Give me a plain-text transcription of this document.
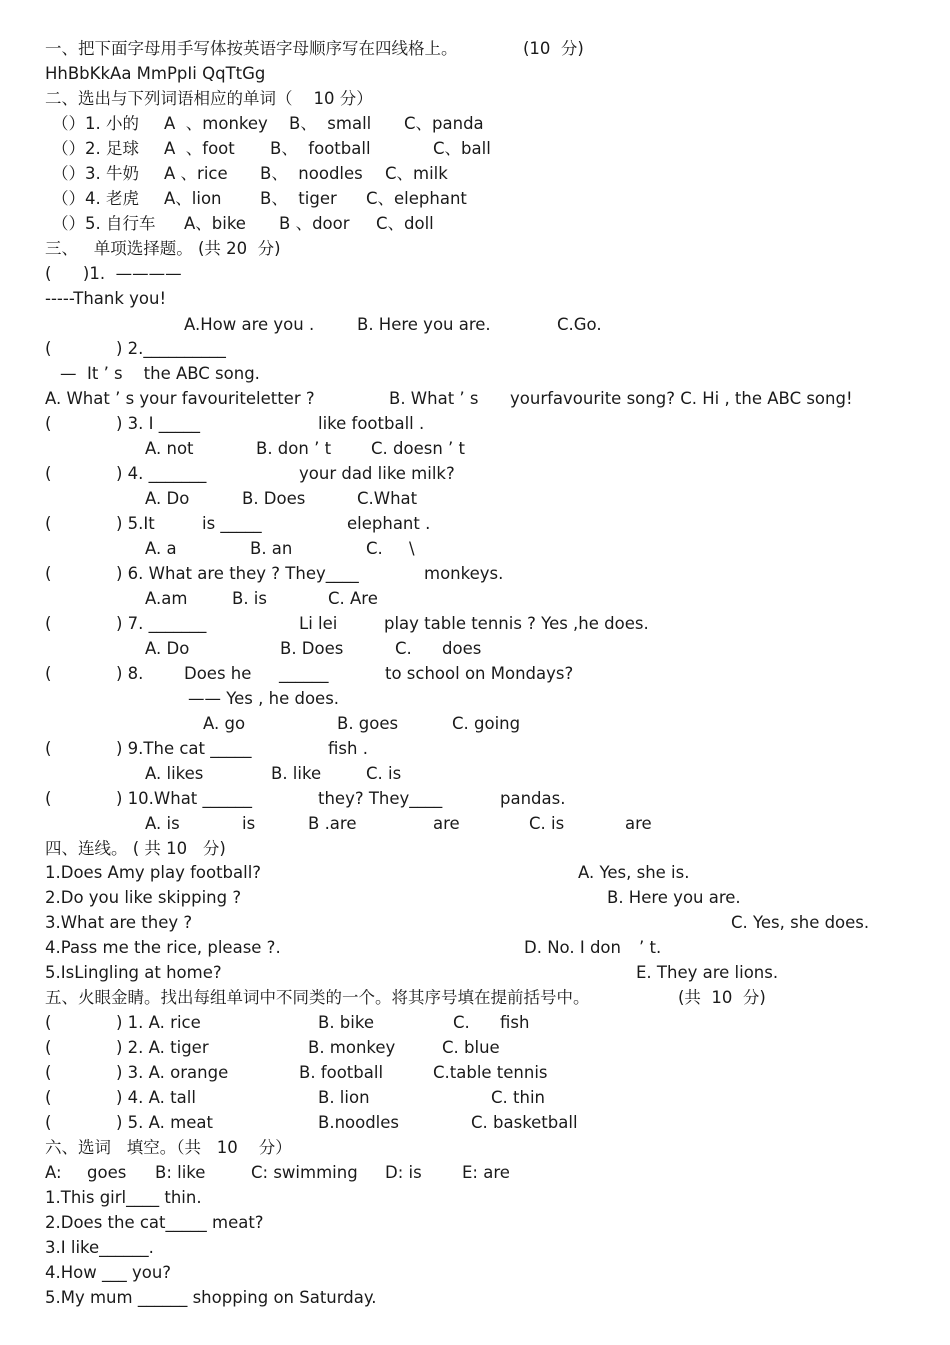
一、把下面字母用手写体按英语字母顺序写在四线格上。	(10  分)
HhBbKkAa MmPpIi QqTtGg
二、选出与下列词语相应的单词（    10 分）
（）1. 小的 A  、monkey B、  small C、panda
（）2. 足球 A  、foot B、  football	C、ball
（）3. 牛奶 A 、rice B、  noodles C、milk
（）4. 老虎 A、lion B、  tiger C、elephant
（）5. 自行车 A、bike B 、door C、doll
三、   单项选择题。 (共 20  分)
(      )1.  ————
-----Thank you!
A.How are you .	B. Here you are.	C.Go.
(	) 2.__________
—  It ’ s    the ABC song.
A. What ’ s your favouriteletter ?	B. What ’ s yourfavourite song? C. Hi , the ABC song!
(	) 3. I _____	like football .
A. not	B. don ’ t C. doesn ’ t
(	) 4. _______	your dad like milk?
A. Do	B. Does	C.What
(	) 5.It	is _____	elephant .
A. a	B. an	C.     \
(	) 6. What are they ? They____	monkeys.
A.am	B. is	C. Are
(	) 7. _______	Li lei	play table tennis ? Yes ,he does.
A. Do	B. Does	C. does
(	) 8. Does he ______	to school on Mondays?
—— Yes , he does.
A. go	B. goes	C. going
(	) 9.The cat _____	fish .
A. likes	B. like	C. is
(	) 10.What ______	they? They____	pandas.
A. is	is	B .are	are	C. is	are
四、连线。 ( 共 10   分)
1.Does Amy play football?	A. Yes, she is.
2.Do you like skipping ?	B. Here you are.
3.What are they ?	C. Yes, she does.
4.Pass me the rice, please ?.	D. No. I don ’ t.
5.IsLingling at home?	E. They are lions.
五、火眼金睛。找出每组单词中不同类的一个。将其序号填在提前括号中。	(共  10  分)
(	) 1. A. rice	B. bike	C. fish
(	) 2. A. tiger	B. monkey	C. blue
(	) 3. A. orange	B. football	C.table tennis
(	) 4. A. tall	B. lion	C. thin
(	) 5. A. meat	B.noodles	C. basketball
六、选词   填空。（共   10    分）
A: goes B: like	C: swimming D: is E: are
1.This girl____ thin.
2.Does the cat_____ meat?
3.I like______.
4.How ___ you?
5.My mum ______ shopping on Saturday.
